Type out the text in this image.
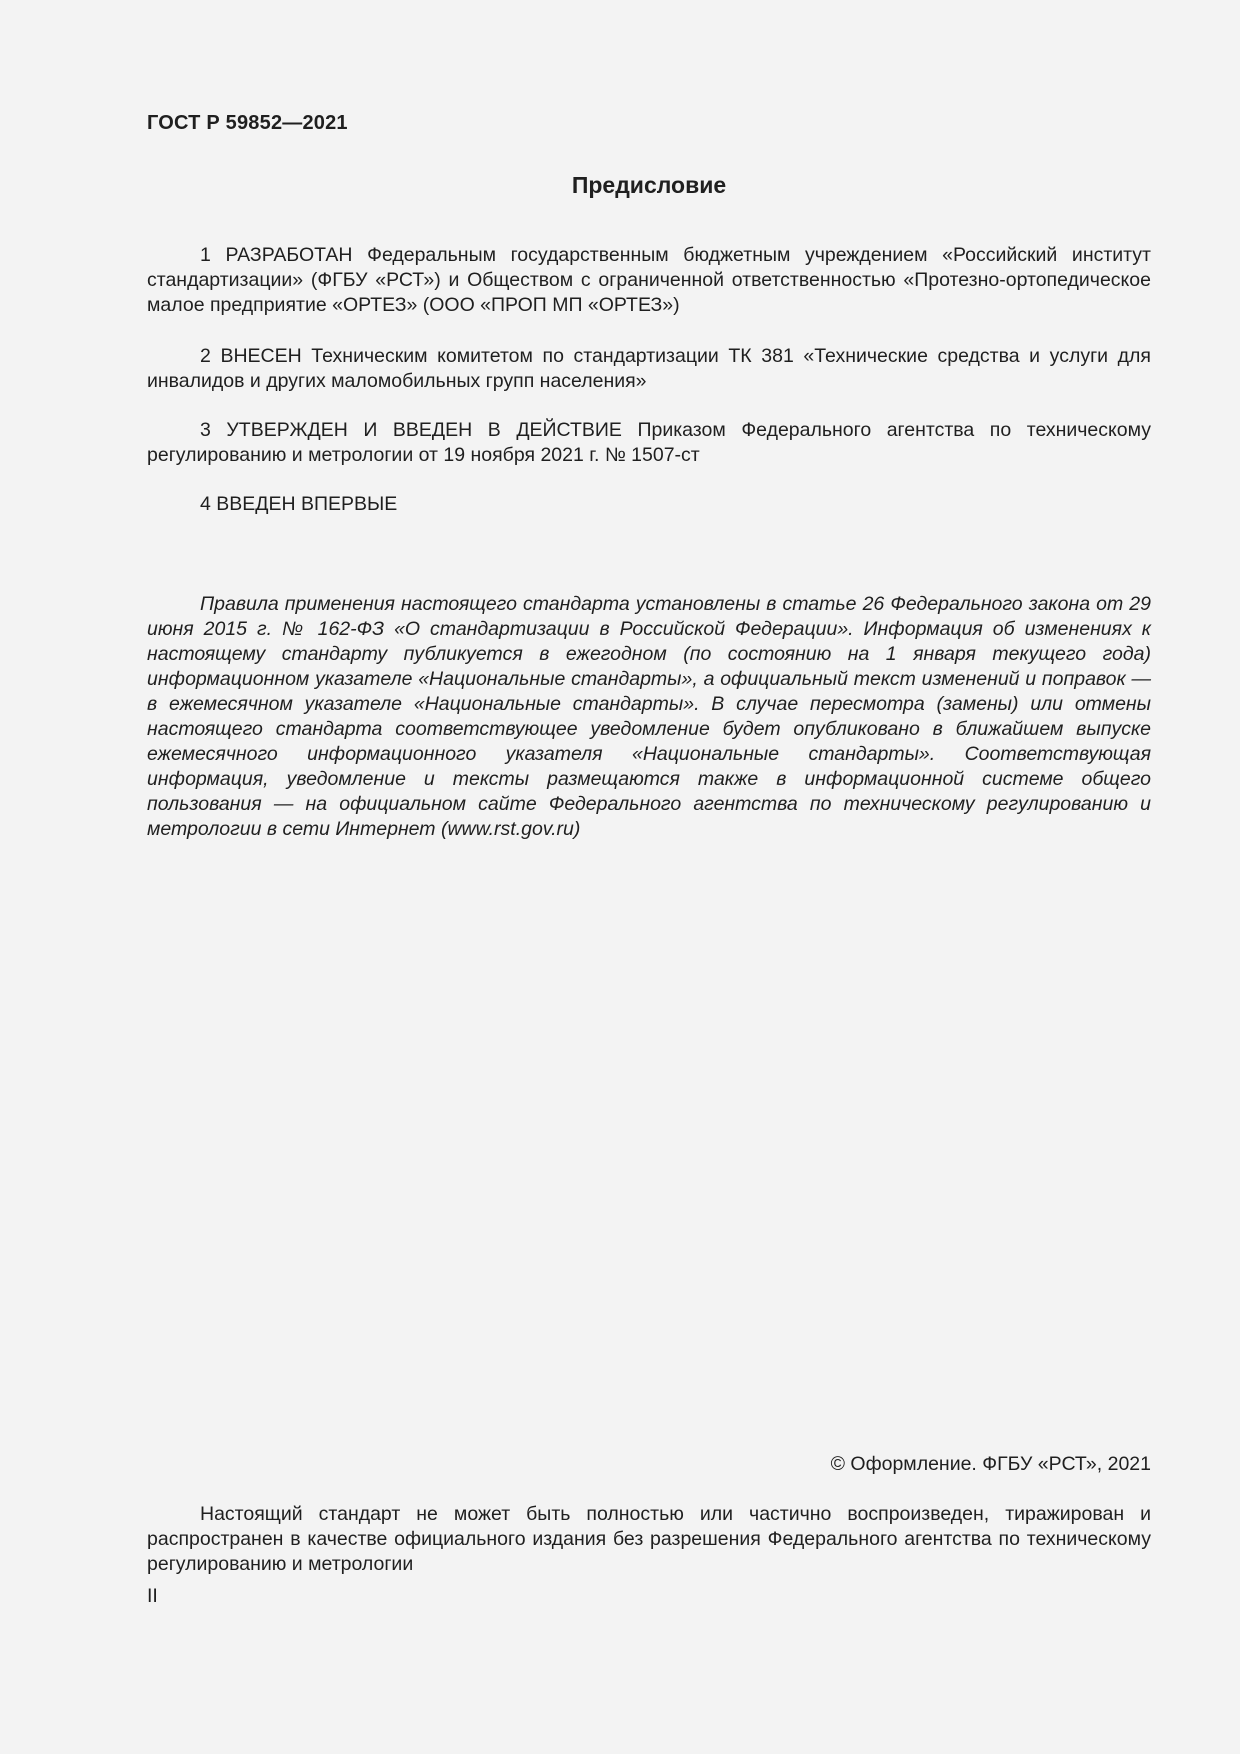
ГОСТ Р 59852—2021
Предисловие

1 РАЗРАБОТАН Федеральным государственным бюджетным учреждением «Российский институт стандартизации» (ФГБУ «РСТ») и Обществом с ограниченной ответственностью «Протезно-ортопедическое малое предприятие «ОРТЕЗ» (ООО «ПРОП МП «ОРТЕЗ»)

2 ВНЕСЕН Техническим комитетом по стандартизации ТК 381 «Технические средства и услуги для инвалидов и других маломобильных групп населения»

3 УТВЕРЖДЕН И ВВЕДЕН В ДЕЙСТВИЕ Приказом Федерального агентства по техническому регулированию и метрологии от 19 ноября 2021 г. № 1507-ст

4 ВВЕДЕН ВПЕРВЫЕ

Правила применения настоящего стандарта установлены в статье 26 Федерального закона от 29 июня 2015 г. № 162-ФЗ «О стандартизации в Российской Федерации». Информация об изменениях к настоящему стандарту публикуется в ежегодном (по состоянию на 1 января текущего года) информационном указателе «Национальные стандарты», а официальный текст изменений и поправок — в ежемесячном указателе «Национальные стандарты». В случае пересмотра (замены) или отмены настоящего стандарта соответствующее уведомление будет опубликовано в ближайшем выпуске ежемесячного информационного указателя «Национальные стандарты». Соответствующая информация, уведомление и тексты размещаются также в информационной системе общего пользования — на официальном сайте Федерального агентства по техническому регулированию и метрологии в сети Интернет (www.rst.gov.ru)

© Оформление. ФГБУ «РСТ», 2021

Настоящий стандарт не может быть полностью или частично воспроизведен, тиражирован и распространен в качестве официального издания без разрешения Федерального агентства по техническому регулированию и метрологии

II
